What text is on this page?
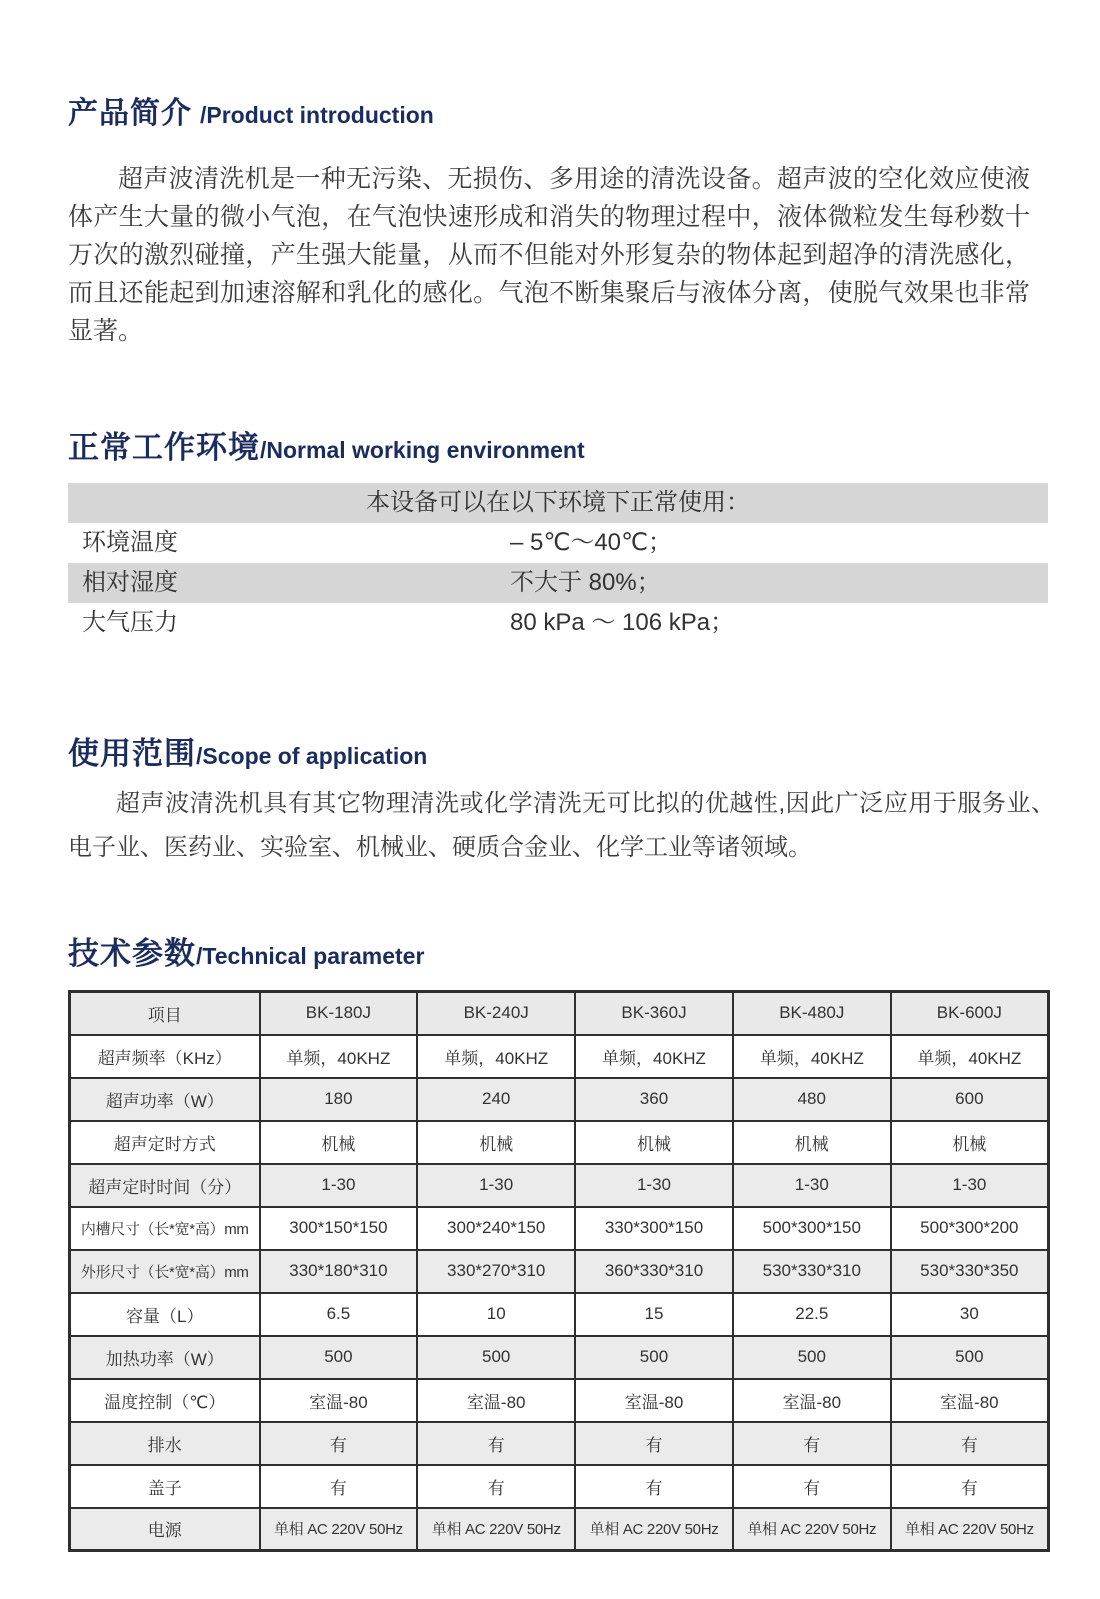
产品简介 /Product introduction

超声波清洗机是一种无污染、无损伤、多用途的清洗设备。超声波的空化效应使液体产生大量的微小气泡，在气泡快速形成和消失的物理过程中，液体微粒发生每秒数十万次的激烈碰撞，产生强大能量，从而不但能对外形复杂的物体起到超净的清洗感化，而且还能起到加速溶解和乳化的感化。气泡不断集聚后与液体分离，使脱气效果也非常显著。

正常工作环境/Normal working environment
本设备可以在以下环境下正常使用：
环境温度	– 5℃～40℃；
相对湿度	不大于 80%；
大气压力	80 kPa ～ 106 kPa；
使用范围/Scope of application

超声波清洗机具有其它物理清洗或化学清洗无可比拟的优越性,因此广泛应用于服务业、电子业、医药业、实验室、机械业、硬质合金业、化学工业等诸领域。

技术参数/Technical parameter
项目	BK-180J	BK-240J	BK-360J	BK-480J	BK-600J
超声频率（KHz）	单频，40KHZ	单频，40KHZ	单频，40KHZ	单频，40KHZ	单频，40KHZ
超声功率（W）	180	240	360	480	600
超声定时方式	机械	机械	机械	机械	机械
超声定时时间（分）	1-30	1-30	1-30	1-30	1-30
内槽尺寸（长*宽*高）mm	300*150*150	300*240*150	330*300*150	500*300*150	500*300*200
外形尺寸（长*宽*高）mm	330*180*310	330*270*310	360*330*310	530*330*310	530*330*350
容量（L）	6.5	10	15	22.5	30
加热功率（W）	500	500	500	500	500
温度控制（℃）	室温-80	室温-80	室温-80	室温-80	室温-80
排水	有	有	有	有	有
盖子	有	有	有	有	有
电源	单相 AC 220V 50Hz	单相 AC 220V 50Hz	单相 AC 220V 50Hz	单相 AC 220V 50Hz	单相 AC 220V 50Hz
